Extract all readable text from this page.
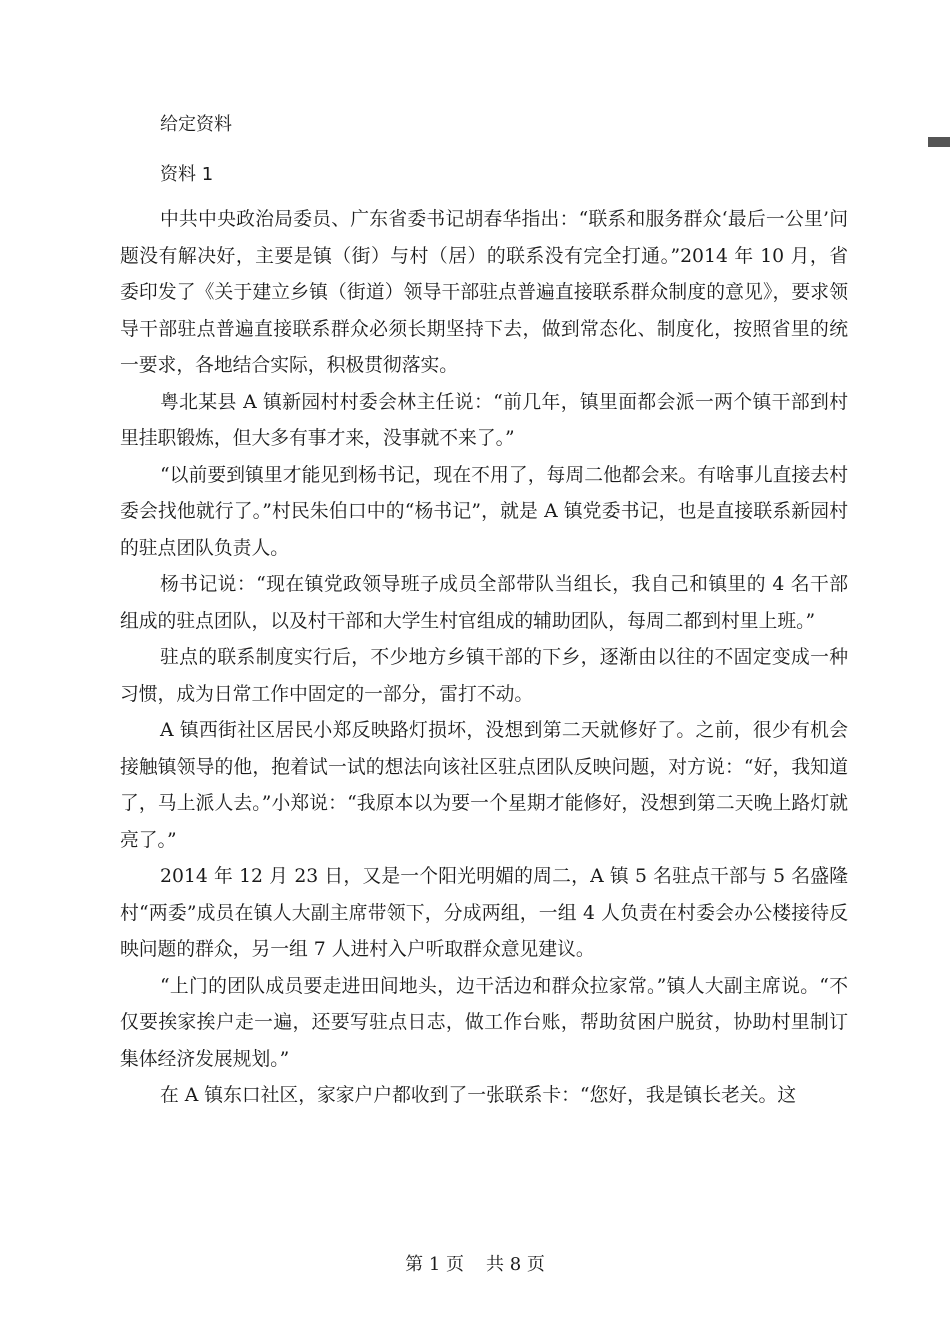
给定资料
资料 1

中共中央政治局委员、广东省委书记胡春华指出：“联系和服务群众‘最后一公里’问题没有解决好，主要是镇（街）与村（居）的联系没有完全打通。”2014 年 10 月，省委印发了《关于建立乡镇（街道）领导干部驻点普遍直接联系群众制度的意见》，要求领导干部驻点普遍直接联系群众必须长期坚持下去，做到常态化、制度化，按照省里的统一要求，各地结合实际，积极贯彻落实。

粤北某县 A 镇新园村村委会林主任说：“前几年，镇里面都会派一两个镇干部到村里挂职锻炼，但大多有事才来，没事就不来了。”

“以前要到镇里才能见到杨书记，现在不用了，每周二他都会来。有啥事儿直接去村委会找他就行了。”村民朱伯口中的“杨书记”，就是 A 镇党委书记，也是直接联系新园村的驻点团队负责人。

杨书记说：“现在镇党政领导班子成员全部带队当组长，我自己和镇里的 4 名干部组成的驻点团队，以及村干部和大学生村官组成的辅助团队，每周二都到村里上班。”

驻点的联系制度实行后，不少地方乡镇干部的下乡，逐渐由以往的不固定变成一种习惯，成为日常工作中固定的一部分，雷打不动。

A 镇西街社区居民小郑反映路灯损坏，没想到第二天就修好了。之前，很少有机会接触镇领导的他，抱着试一试的想法向该社区驻点团队反映问题，对方说：“好，我知道了，马上派人去。”小郑说：“我原本以为要一个星期才能修好，没想到第二天晚上路灯就亮了。”

2014 年 12 月 23 日，又是一个阳光明媚的周二，A 镇 5 名驻点干部与 5 名盛隆村“两委”成员在镇人大副主席带领下，分成两组，一组 4 人负责在村委会办公楼接待反映问题的群众，另一组 7 人进村入户听取群众意见建议。

“上门的团队成员要走进田间地头，边干活边和群众拉家常。”镇人大副主席说。“不仅要挨家挨户走一遍，还要写驻点日志，做工作台账，帮助贫困户脱贫，协助村里制订集体经济发展规划。”

在 A 镇东口社区，家家户户都收到了一张联系卡：“您好，我是镇长老关。这

第 1 页 共 8 页
